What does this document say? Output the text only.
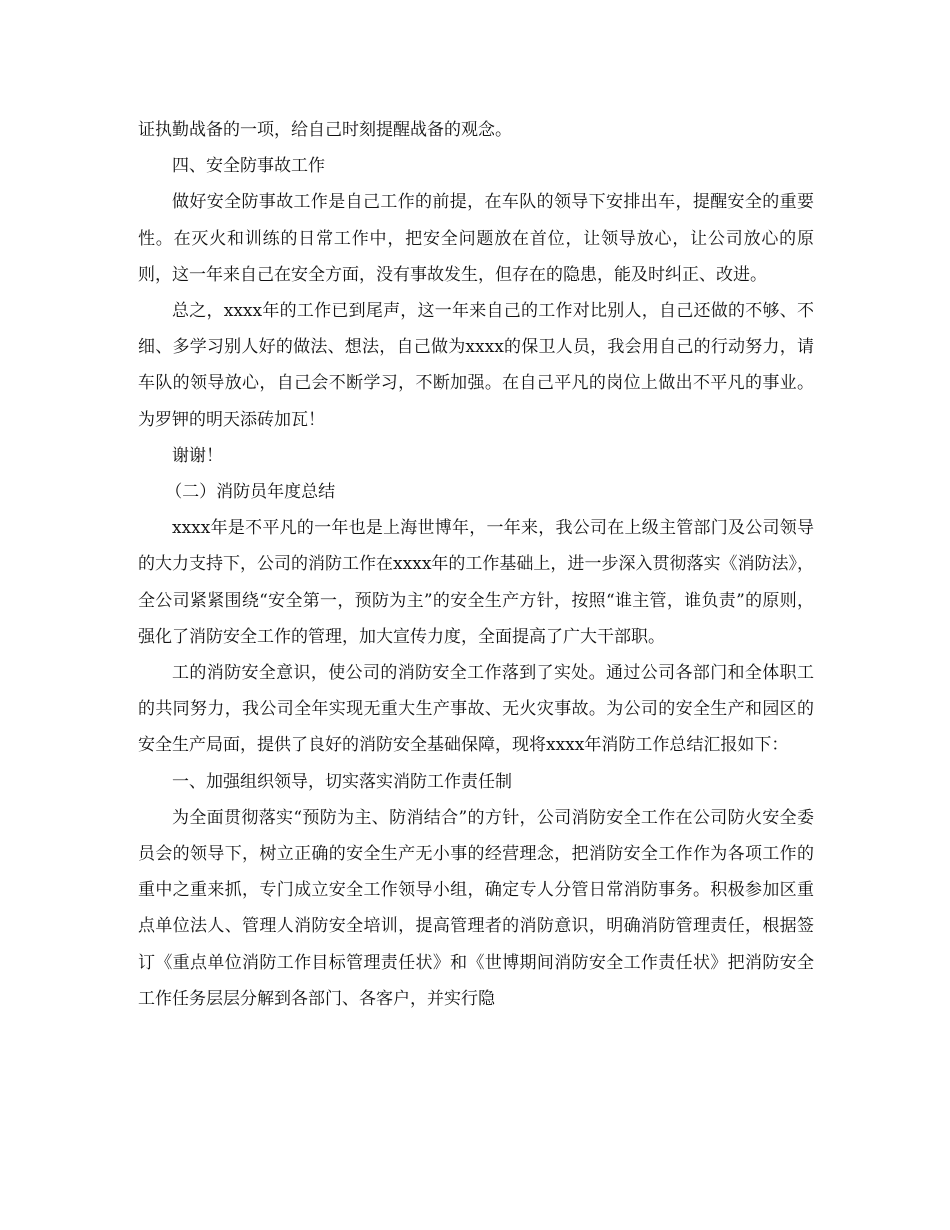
证执勤战备的一项，给自己时刻提醒战备的观念。

四、安全防事故工作

做好安全防事故工作是自己工作的前提，在车队的领导下安排出车，提醒安全的重要性。在灭火和训练的日常工作中，把安全问题放在首位，让领导放心，让公司放心的原则，这一年来自己在安全方面，没有事故发生，但存在的隐患，能及时纠正、改进。

总之，xxxx年的工作已到尾声，这一年来自己的工作对比别人，自己还做的不够、不细、多学习别人好的做法、想法，自己做为xxxx的保卫人员，我会用自己的行动努力，请车队的领导放心，自己会不断学习，不断加强。在自己平凡的岗位上做出不平凡的事业。为罗钾的明天添砖加瓦！

谢谢！

（二）消防员年度总结

xxxx年是不平凡的一年也是上海世博年，一年来，我公司在上级主管部门及公司领导的大力支持下，公司的消防工作在xxxx年的工作基础上，进一步深入贯彻落实《消防法》，全公司紧紧围绕“安全第一，预防为主”的安全生产方针，按照“谁主管，谁负责”的原则，强化了消防安全工作的管理，加大宣传力度，全面提高了广大干部职。

工的消防安全意识，使公司的消防安全工作落到了实处。通过公司各部门和全体职工的共同努力，我公司全年实现无重大生产事故、无火灾事故。为公司的安全生产和园区的安全生产局面，提供了良好的消防安全基础保障，现将xxxx年消防工作总结汇报如下：

一、加强组织领导，切实落实消防工作责任制

为全面贯彻落实“预防为主、防消结合”的方针，公司消防安全工作在公司防火安全委员会的领导下，树立正确的安全生产无小事的经营理念，把消防安全工作作为各项工作的重中之重来抓，专门成立安全工作领导小组，确定专人分管日常消防事务。积极参加区重点单位法人、管理人消防安全培训，提高管理者的消防意识，明确消防管理责任，根据签订《重点单位消防工作目标管理责任状》和《世博期间消防安全工作责任状》把消防安全工作任务层层分解到各部门、各客户，并实行隐
